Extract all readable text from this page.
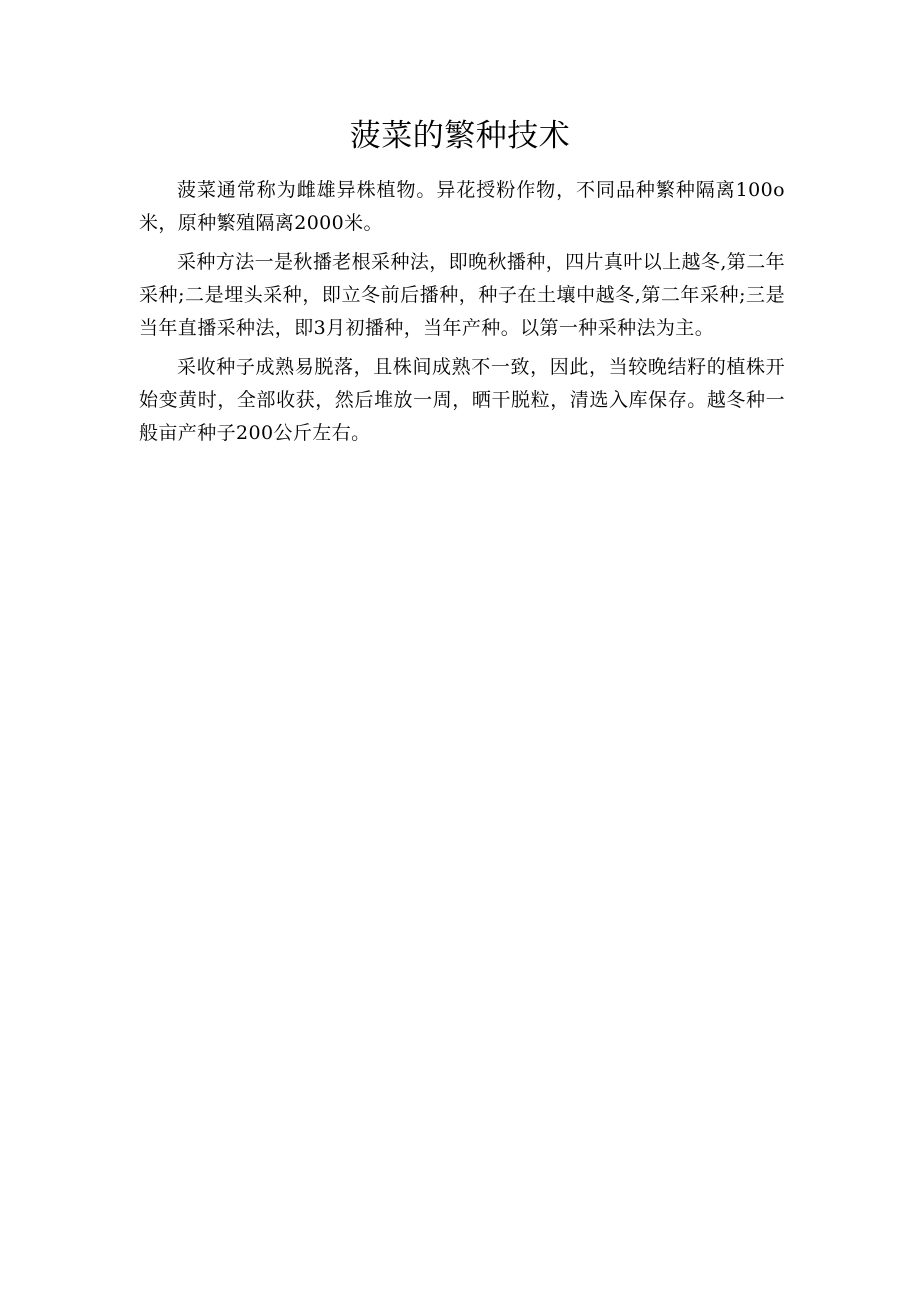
菠菜的繁种技术

菠菜通常称为雌雄异株植物。异花授粉作物，不同品种繁种隔离100o米，原种繁殖隔离2000米。

采种方法一是秋播老根采种法，即晚秋播种，四片真叶以上越冬,第二年采种;二是埋头采种，即立冬前后播种，种子在土壤中越冬,第二年采种;三是当年直播采种法，即3月初播种，当年产种。以第一种采种法为主。

采收种子成熟易脱落，且株间成熟不一致，因此，当较晚结籽的植株开始变黄时，全部收获，然后堆放一周，晒干脱粒，清选入库保存。越冬种一般亩产种子200公斤左右。
